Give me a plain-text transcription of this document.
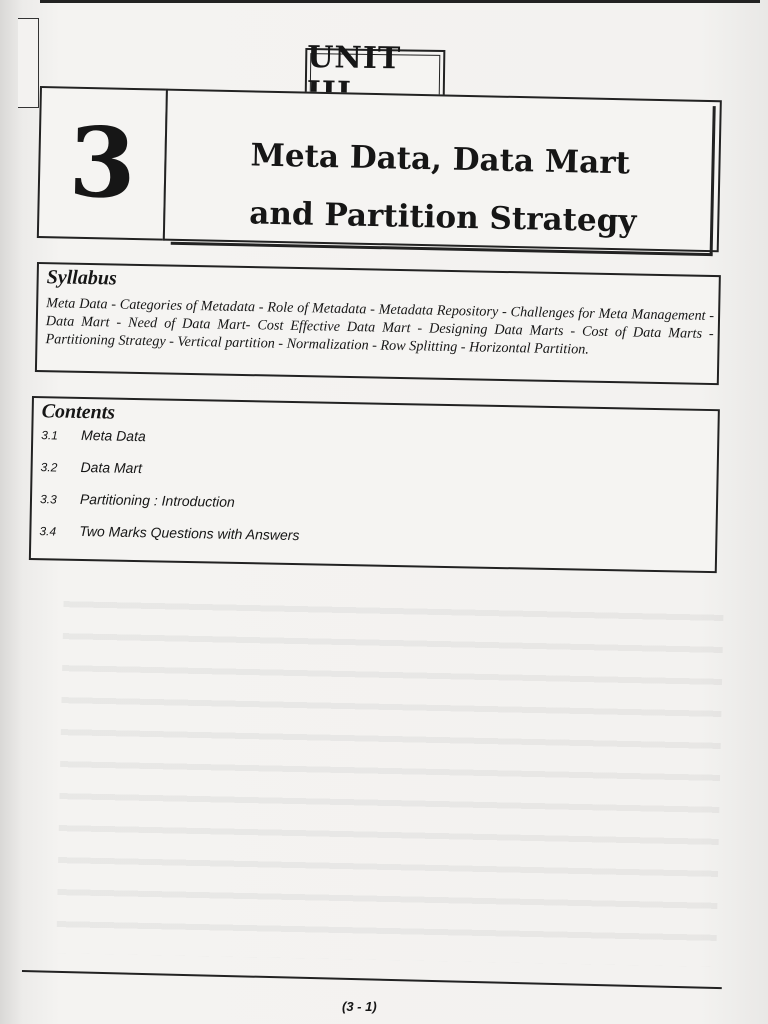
UNIT
3	Meta Data, Data Mart
and Partition Strategy
Syllabus
Meta Data - Categories of Metadata - Role of Metadata - Metadata Repository - Challenges for Meta Management - Data Mart - Need of Data Mart- Cost Effective Data Mart - Designing Data Marts - Cost of Data Marts - Partitioning Strategy - Vertical partition - Normalization - Row Splitting - Horizontal Partition.
Contents
3.1 Meta Data
3.2 Data Mart
3.3 Partitioning : Introduction
3.4 Two Marks Questions with Answers
(3 - 1)
